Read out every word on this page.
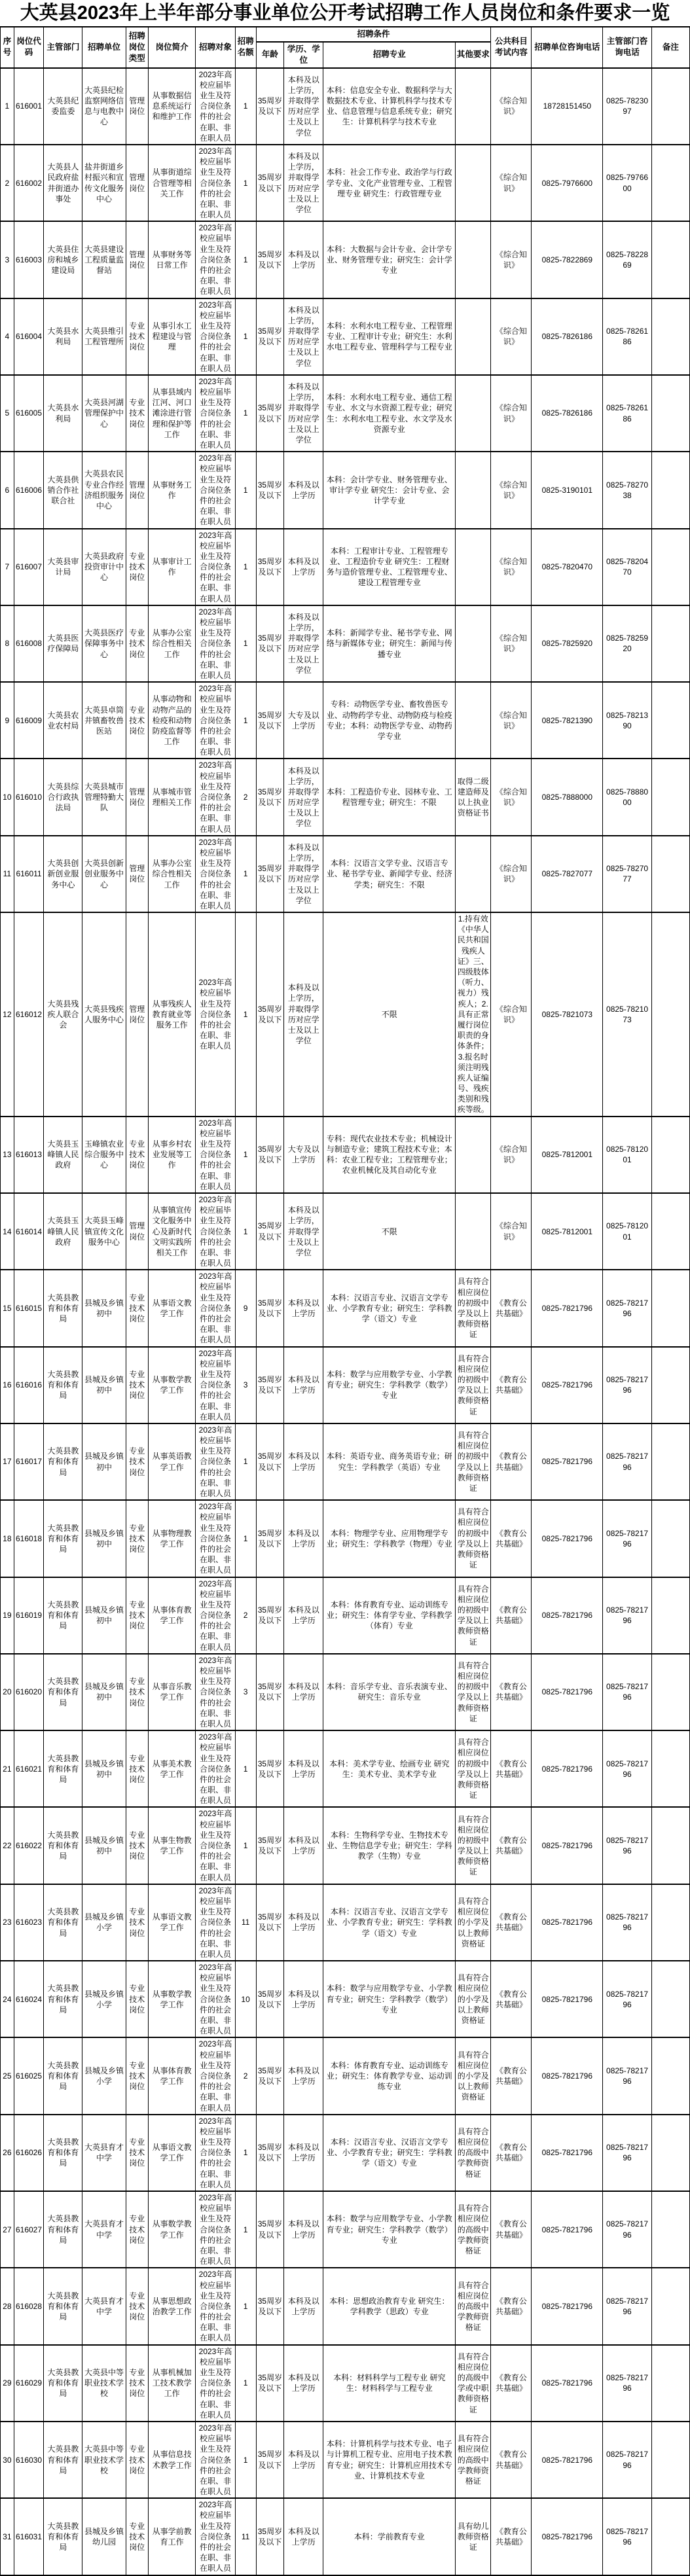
大英县2023年上半年部分事业单位公开考试招聘工作人员岗位和条件要求一览
序号	岗位代码	主管部门	招聘单位	招聘岗位类型	岗位简介	招聘对象	招聘名额	招聘条件				公共科目考试内容	招聘单位咨询电话	主管部门咨询电话	备注
								年龄	学历、学位	招聘专业	其他要求				
1	616001	大英县纪委监委	大英县纪检监察网络信息与电教中心	管理岗位	从事数据信息系统运行和维护工作	2023年高校应届毕业生及符合岗位条件的社会在职、非在职人员	1	35周岁及以下	本科及以上学历，并取得学历对应学士及以上学位	本科：信息安全专业、数据科学与大数据技术专业、计算机科学与技术专业、信息管理与信息系统专业；研究生：计算机科学与技术专业		《综合知识》	18728151450	0825-7823097	
2	616002	大英县人民政府盐井街道办事处	盐井街道乡村振兴和宣传文化服务中心	管理岗位	从事街道综合管理等相关工作	2023年高校应届毕业生及符合岗位条件的社会在职、非在职人员	1	35周岁及以下	本科及以上学历，并取得学历对应学士及以上学位	本科：社会工作专业、政治学与行政学专业、文化产业管理专业、工程管理专业 研究生：行政管理专业		《综合知识》	0825-7976600	0825-7976600	
3	616003	大英县住房和城乡建设局	大英县建设工程质量监督站	管理岗位	从事财务等日常工作	2023年高校应届毕业生及符合岗位条件的社会在职、非在职人员	1	35周岁及以下	本科及以上学历	本科：大数据与会计专业、会计学专业、财务管理专业；研究生：会计学专业		《综合知识》	0825-7822869	0825-7822869	
4	616004	大英县水利局	大英县维引工程管理所	专业技术岗位	从事引水工程建设与管理	2023年高校应届毕业生及符合岗位条件的社会在职、非在职人员	1	35周岁及以下	本科及以上学历，并取得学历对应学士及以上学位	本科：水利水电工程专业、工程管理专业、工程审计专业；研究生：水利水电工程专业、管理科学与工程专业		《综合知识》	0825-7826186	0825-7826186	
5	616005	大英县水利局	大英县河湖管理保护中心	专业技术岗位	从事县域内江河、河口滩涂进行管理和保护等工作	2023年高校应届毕业生及符合岗位条件的社会在职、非在职人员	1	35周岁及以下	本科及以上学历，并取得学历对应学士及以上学位	本科：水利水电工程专业、通信工程专业、水文与水资源工程专业；研究生：水利水电工程专业、水文学及水资源专业		《综合知识》	0825-7826186	0825-7826186	
6	616006	大英县供销合作社联合社	大英县农民专业合作经济组织服务中心	管理岗位	从事财务工作	2023年高校应届毕业生及符合岗位条件的社会在职、非在职人员	1	35周岁及以下	本科及以上学历	本科：会计学专业、财务管理专业、审计学专业 研究生：会计专业、会计学专业		《综合知识》	0825-3190101	0825-7827038	
7	616007	大英县审计局	大英县政府投资审计中心	专业技术岗位	从事审计工作	2023年高校应届毕业生及符合岗位条件的社会在职、非在职人员	1	35周岁及以下	本科及以上学历	本科：工程审计专业、工程管理专业、工程造价专业 研究生：工程财务与造价管理专业、工程管理专业、建设工程管理专业		《综合知识》	0825-7820470	0825-7820470	
8	616008	大英县医疗保障局	大英县医疗保障事务中心	专业技术岗位	从事办公室综合性相关工作	2023年高校应届毕业生及符合岗位条件的社会在职、非在职人员	1	35周岁及以下	本科及以上学历，并取得学历对应学士及以上学位	本科：新闻学专业、秘书学专业、网络与新媒体专业；研究生：新闻与传播专业		《综合知识》	0825-7825920	0825-7825920	
9	616009	大英县农业农村局	大英县卓筒井镇畜牧兽医站	专业技术岗位	从事动物和动物产品的检疫和动物防疫监督等工作	2023年高校应届毕业生及符合岗位条件的社会在职、非在职人员	1	35周岁及以下	大专及以上学历	专科：动物医学专业、畜牧兽医专业、动物药学专业、动物防疫与检疫专业；本科：动物医学专业、动物药学专业		《综合知识》	0825-7821390	0825-7821390	
10	616010	大英县综合行政执法局	大英县城市管理特勤大队	管理岗位	从事城市管理相关工作	2023年高校应届毕业生及符合岗位条件的社会在职、非在职人员	2	35周岁及以下	本科及以上学历，并取得学历对应学士及以上学位	本科：工程造价专业、园林专业、工程管理专业；研究生：不限	取得二级建造师及以上执业资格证书	《综合知识》	0825-7888000	0825-7888000	
11	616011	大英县创新创业服务中心	大英县创新创业服务中心	管理岗位	从事办公室综合性相关工作	2023年高校应届毕业生及符合岗位条件的社会在职、非在职人员	1	35周岁及以下	本科及以上学历，并取得学历对应学士及以上学位	本科：汉语言文学专业、汉语言专业、秘书学专业、新闻学专业、经济学类；研究生：不限		《综合知识》	0825-7827077	0825-7827077	
12	616012	大英县残疾人联合会	大英县残疾人服务中心	管理岗位	从事残疾人教育就业等服务工作	2023年高校应届毕业生及符合岗位条件的社会在职、非在职人员	1	35周岁及以下	本科及以上学历，并取得学历对应学士及以上学位	不限	1.持有效《中华人民共和国残疾人证》三、四级肢体（听力、视力）残疾人；2.具有正常履行岗位职责的身体条件；3.报名时须注明残疾人证编号、残疾类别和残疾等级。	《综合知识》	0825-7821073	0825-7821073	
13	616013	大英县玉峰镇人民政府	玉峰镇农业综合服务中心	专业技术岗位	从事乡村农业发展等工作	2023年高校应届毕业生及符合岗位条件的社会在职、非在职人员	1	35周岁及以下	大专及以上学历	专科：现代农业技术专业；机械设计与制造专业；建筑工程技术专业；本科：农业工程专业；工程管理专业；农业机械化及其自动化专业		《综合知识》	0825-7812001	0825-7812001	
14	616014	大英县玉峰镇人民政府	大英县玉峰镇宣传文化服务中心	管理岗位	从事镇宣传文化服务中心及新时代文明实践所相关工作	2023年高校应届毕业生及符合岗位条件的社会在职、非在职人员	1	35周岁及以下	本科及以上学历，并取得学士及以上学位	不限		《综合知识》	0825-7812001	0825-7812001	
15	616015	大英县教育和体育局	县城及乡镇初中	专业技术岗位	从事语文教学工作	2023年高校应届毕业生及符合岗位条件的社会在职、非在职人员	9	35周岁及以下	本科及以上学历	本科：汉语言专业、汉语言文学专业、小学教育专业；研究生：学科教学（语文）专业	具有符合相应岗位的初级中学及以上教师资格证	《教育公共基础》	0825-7821796	0825-7821796	
16	616016	大英县教育和体育局	县城及乡镇初中	专业技术岗位	从事数学教学工作	2023年高校应届毕业生及符合岗位条件的社会在职、非在职人员	3	35周岁及以下	本科及以上学历	本科：数学与应用数学专业、小学教育专业；研究生：学科教学（数学）专业	具有符合相应岗位的初级中学及以上教师资格证	《教育公共基础》	0825-7821796	0825-7821796	
17	616017	大英县教育和体育局	县城及乡镇初中	专业技术岗位	从事英语教学工作	2023年高校应届毕业生及符合岗位条件的社会在职、非在职人员	1	35周岁及以下	本科及以上学历	本科：英语专业、商务英语专业；研究生：学科教学（英语）专业	具有符合相应岗位的初级中学及以上教师资格证	《教育公共基础》	0825-7821796	0825-7821796	
18	616018	大英县教育和体育局	县城及乡镇初中	专业技术岗位	从事物理教学工作	2023年高校应届毕业生及符合岗位条件的社会在职、非在职人员	1	35周岁及以下	本科及以上学历	本科：物理学专业、应用物理学专业；研究生：学科教学（物理）专业	具有符合相应岗位的初级中学及以上教师资格证	《教育公共基础》	0825-7821796	0825-7821796	
19	616019	大英县教育和体育局	县城及乡镇初中	专业技术岗位	从事体育教学工作	2023年高校应届毕业生及符合岗位条件的社会在职、非在职人员	2	35周岁及以下	本科及以上学历	本科：体育教育专业、运动训练专业；研究生：体育学专业、学科教学（体育）专业	具有符合相应岗位的初级中学及以上教师资格证	《教育公共基础》	0825-7821796	0825-7821796	
20	616020	大英县教育和体育局	县城及乡镇初中	专业技术岗位	从事音乐教学工作	2023年高校应届毕业生及符合岗位条件的社会在职、非在职人员	3	35周岁及以下	本科及以上学历	本科：音乐学专业、音乐表演专业、研究生：音乐专业	具有符合相应岗位的初级中学及以上教师资格证	《教育公共基础》	0825-7821796	0825-7821796	
21	616021	大英县教育和体育局	县城及乡镇初中	专业技术岗位	从事美术教学工作	2023年高校应届毕业生及符合岗位条件的社会在职、非在职人员	1	35周岁及以下	本科及以上学历	本科：美术学专业、绘画专业 研究生：美术专业、美术学专业	具有符合相应岗位的初级中学及以上教师资格证	《教育公共基础》	0825-7821796	0825-7821796	
22	616022	大英县教育和体育局	县城及乡镇初中	专业技术岗位	从事生物教学工作	2023年高校应届毕业生及符合岗位条件的社会在职、非在职人员	1	35周岁及以下	本科及以上学历	本科：生物科学专业、生物技术专业、生物信息学专业；研究生：学科教学（生物）专业	具有符合相应岗位的初级中学及以上教师资格证	《教育公共基础》	0825-7821796	0825-7821796	
23	616023	大英县教育和体育局	县城及乡镇小学	专业技术岗位	从事语文教学工作	2023年高校应届毕业生及符合岗位条件的社会在职、非在职人员	11	35周岁及以下	本科及以上学历	本科：汉语言专业、汉语言文学专业、小学教育专业；研究生：学科教学（语文）专业	具有符合相应岗位的小学及以上教师资格证	《教育公共基础》	0825-7821796	0825-7821796	
24	616024	大英县教育和体育局	县城及乡镇小学	专业技术岗位	从事数学教学工作	2023年高校应届毕业生及符合岗位条件的社会在职、非在职人员	10	35周岁及以下	本科及以上学历	本科：数学与应用数学专业、小学教育专业；研究生：学科教学（数学）专业	具有符合相应岗位的小学及以上教师资格证	《教育公共基础》	0825-7821796	0825-7821796	
25	616025	大英县教育和体育局	县城及乡镇小学	专业技术岗位	从事体育教学工作	2023年高校应届毕业生及符合岗位条件的社会在职、非在职人员	2	35周岁及以下	本科及以上学历	本科：体育教育专业、运动训练专业；研究生：体育教学专业、运动训练专业	具有符合相应岗位的小学及以上教师资格证	《教育公共基础》	0825-7821796	0825-7821796	
26	616026	大英县教育和体育局	大英县育才中学	专业技术岗位	从事语文教学工作	2023年高校应届毕业生及符合岗位条件的社会在职、非在职人员	1	35周岁及以下	本科及以上学历	本科：汉语言专业、汉语言文学专业、小学教育专业；研究生：学科教学（语文）专业	具有符合相应岗位的高级中学教师资格证	《教育公共基础》	0825-7821796	0825-7821796	
27	616027	大英县教育和体育局	大英县育才中学	专业技术岗位	从事数学教学工作	2023年高校应届毕业生及符合岗位条件的社会在职、非在职人员	1	35周岁及以下	本科及以上学历	本科：数学与应用数学专业、小学教育专业；研究生：学科教学（数学）专业	具有符合相应岗位的高级中学教师资格证	《教育公共基础》	0825-7821796	0825-7821796	
28	616028	大英县教育和体育局	大英县育才中学	专业技术岗位	从事思想政治教学工作	2023年高校应届毕业生及符合岗位条件的社会在职、非在职人员	1	35周岁及以下	本科及以上学历	本科：思想政治教育专业 研究生：学科教学（思政）专业	具有符合相应岗位的高级中学教师资格证	《教育公共基础》	0825-7821796	0825-7821796	
29	616029	大英县教育和体育局	大英县中等职业技术学校	专业技术岗位	从事机械加工技术教学工作	2023年高校应届毕业生及符合岗位条件的社会在职、非在职人员	1	35周岁及以下	本科及以上学历	本科：材料科学与工程专业 研究生：材料科学与工程专业	具有符合相应岗位的高级中学或中职教师资格证	《教育公共基础》	0825-7821796	0825-7821796	
30	616030	大英县教育和体育局	大英县中等职业技术学校	专业技术岗位	从事信息技术教学工作	2023年高校应届毕业生及符合岗位条件的社会在职、非在职人员	1	35周岁及以下	本科及以上学历	本科：计算机科学与技术专业、电子与计算机工程专业、应用电子技术教育专业；研究生：计算机应用技术专业、计算机技术专业	具有符合相应岗位的高级中学教师资格证	《教育公共基础》	0825-7821796	0825-7821796	
31	616031	大英县教育和体育局	县城及乡镇幼儿园	专业技术岗位	从事学前教育工作	2023年高校应届毕业生及符合岗位条件的社会在职、非在职人员	11	35周岁及以下	本科及以上学历	本科：学前教育专业	具有幼儿教师资格证	《教育公共基础》	0825-7821796	0825-7821796	
